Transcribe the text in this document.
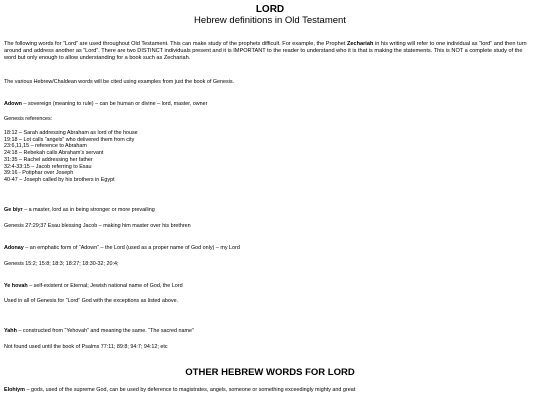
LORD
Hebrew definitions in Old Testament
The following words for “Lord” are used throughout Old Testament. This can make study of the prophets difficult. For example, the Prophet Zechariah in his writing will refer to one individual as “lord” and then turn around and address another as “Lord”. There are two DISTINCT individuals present and it is IMPORTANT to the reader to understand who it is that is making the statements. This is NOT a complete study of the word but only enough to allow understanding for a book such as Zechariah.
The various Hebrew/Chaldean words will be cited using examples from just the book of Genesis.
Adown – sovereign (meaning to rule) – can be human or divine – lord, master, owner
Genesis references:
18:12 – Sarah addressing Abraham as lord of the house
19:18 – Lot calls “angels” who delivered them from city
23:6,11,15 – reference to Abraham
24:18 – Rebekah calls Abraham’s servant
31:35 – Rachel addressing her father
32:4-33:15 – Jacob referring to Esau
39:16 - Potiphar over Joseph
40-47 – Joseph called by his brothers in Egypt
Ge biyr – a master, lord as in being stronger or more prevailing
Genesis 27:29;37 Esau blessing Jacob – making him master over his brethren
Adonay – an emphatic form of “Adown” – the Lord (used as a proper name of God only) – my Lord
Genesis 15:2; 15:8; 18:3; 18:27; 18:30-32; 20:4;
Ye hovah – self-existent or Eternal; Jewish national name of God, the Lord
Used in all of Genesis for “Lord” God with the exceptions as listed above.
Yahh – constructed from “Yehovah” and meaning the same. “The sacred name”
Not found used until the book of Psalms 77:11; 89:8; 94:7; 94:12; etc
OTHER HEBREW WORDS FOR LORD
Elohiym – gods, used of the supreme God, can be used by deference to magistrates, angels, someone or something exceedingly mighty and great
